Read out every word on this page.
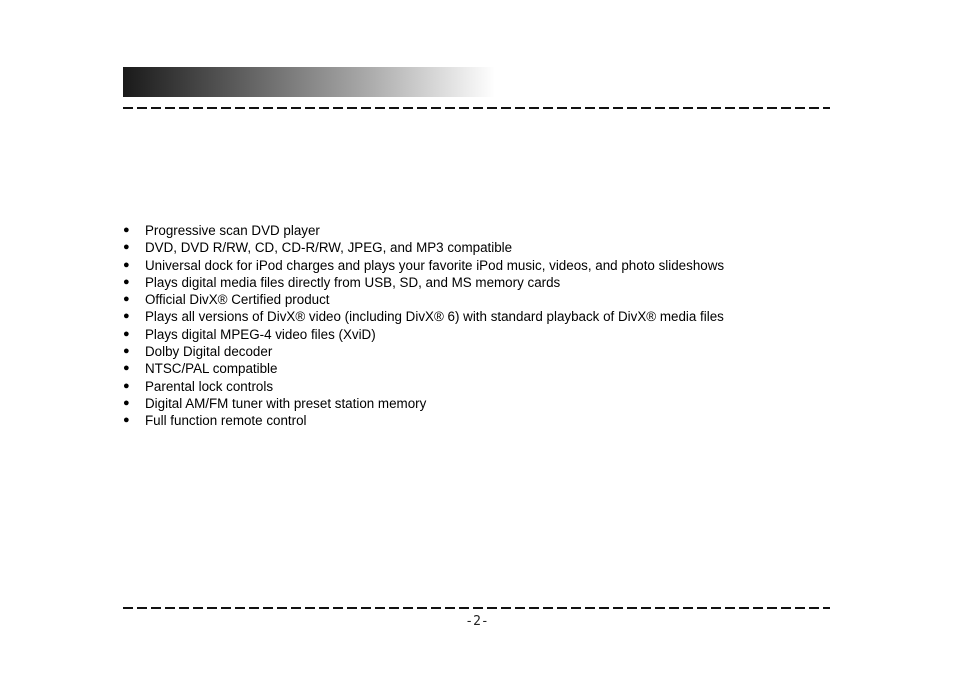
● Progressive scan DVD player
● DVD, DVD R/RW, CD, CD-R/RW, JPEG, and MP3 compatible
● Universal dock for iPod charges and plays your favorite iPod music, videos, and photo slideshows
● Plays digital media files directly from USB, SD, and MS memory cards
● Official DivX® Certified product
● Plays all versions of DivX® video (including DivX® 6) with standard playback of DivX® media files
● Plays digital MPEG-4 video files (XviD)
● Dolby Digital decoder
● NTSC/PAL compatible
● Parental lock controls
● Digital AM/FM tuner with preset station memory
● Full function remote control
-2-
